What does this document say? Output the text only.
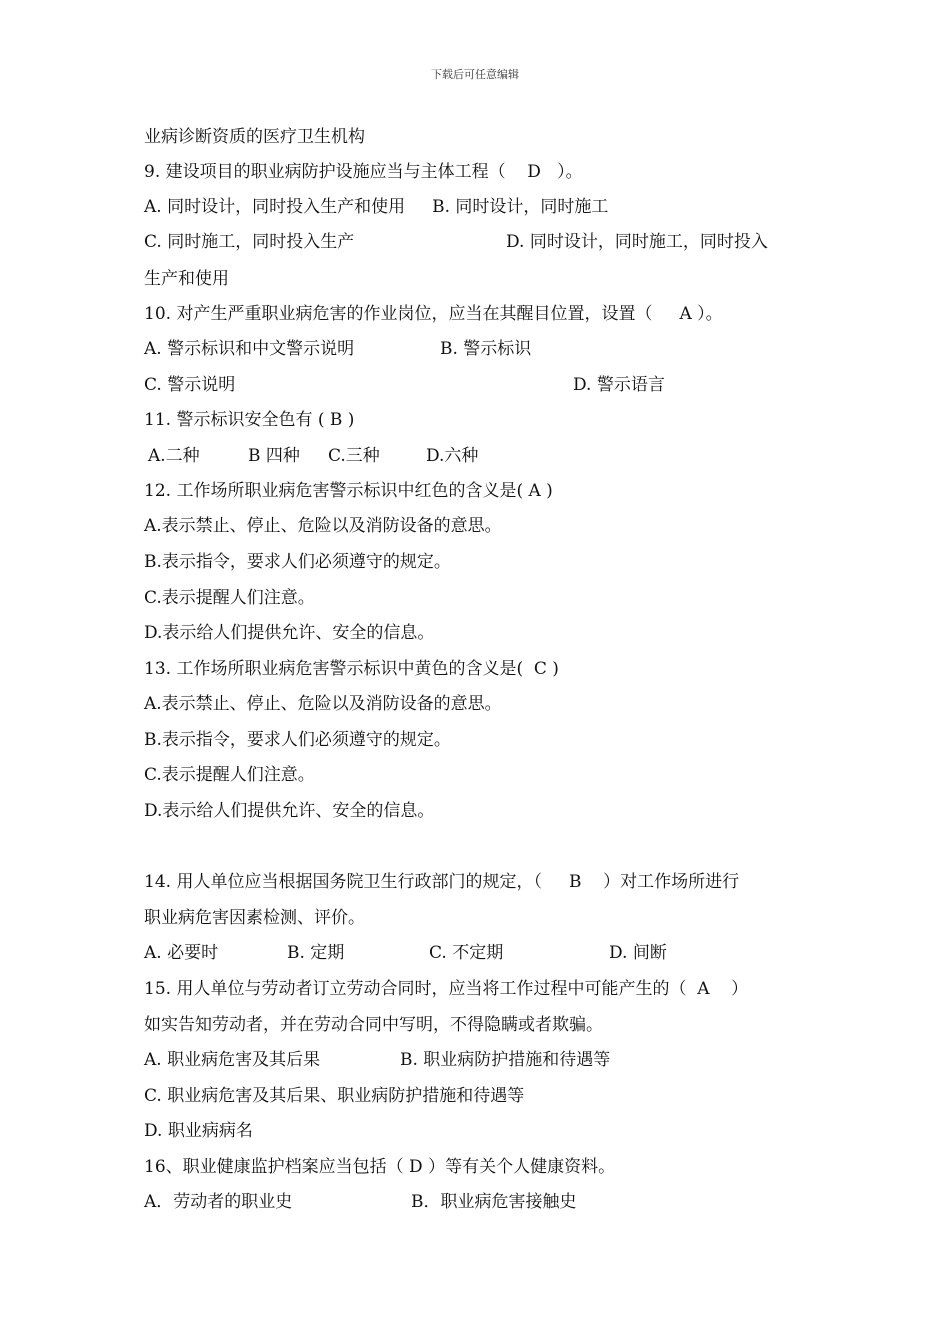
下载后可任意编辑
业病诊断资质的医疗卫生机构
9. 建设项目的职业病防护设施应当与主体工程（    D   ）。
A. 同时设计，同时投入生产和使用     B. 同时设计，同时施工
C. 同时施工，同时投入生产	D. 同时设计，同时施工，同时投入
生产和使用
10. 对产生严重职业病危害的作业岗位，应当在其醒目位置，设置（     A ）。
A. 警示标识和中文警示说明	B. 警示标识
C. 警示说明	D. 警示语言
11. 警示标识安全色有 ( B )
A.二种	B 四种 C.三种	D.六种
12. 工作场所职业病危害警示标识中红色的含义是( A )
A.表示禁止、停止、危险以及消防设备的意思。
B.表示指令，要求人们必须遵守的规定。
C.表示提醒人们注意。
D.表示给人们提供允许、安全的信息。
13. 工作场所职业病危害警示标识中黄色的含义是(  C )
A.表示禁止、停止、危险以及消防设备的意思。
B.表示指令，要求人们必须遵守的规定。
C.表示提醒人们注意。
D.表示给人们提供允许、安全的信息。
14. 用人单位应当根据国务院卫生行政部门的规定，（     B    ）对工作场所进行
职业病危害因素检测、评价。
A. 必要时	B. 定期	C. 不定期	D. 间断
15. 用人单位与劳动者订立劳动合同时，应当将工作过程中可能产生的（  A    ）
如实告知劳动者，并在劳动合同中写明，不得隐瞒或者欺骗。
A. 职业病危害及其后果	B. 职业病防护措施和待遇等
C. 职业病危害及其后果、职业病防护措施和待遇等
D. 职业病病名
16、职业健康监护档案应当包括（ D ）等有关个人健康资料。
A．劳动者的职业史	B．职业病危害接触史
